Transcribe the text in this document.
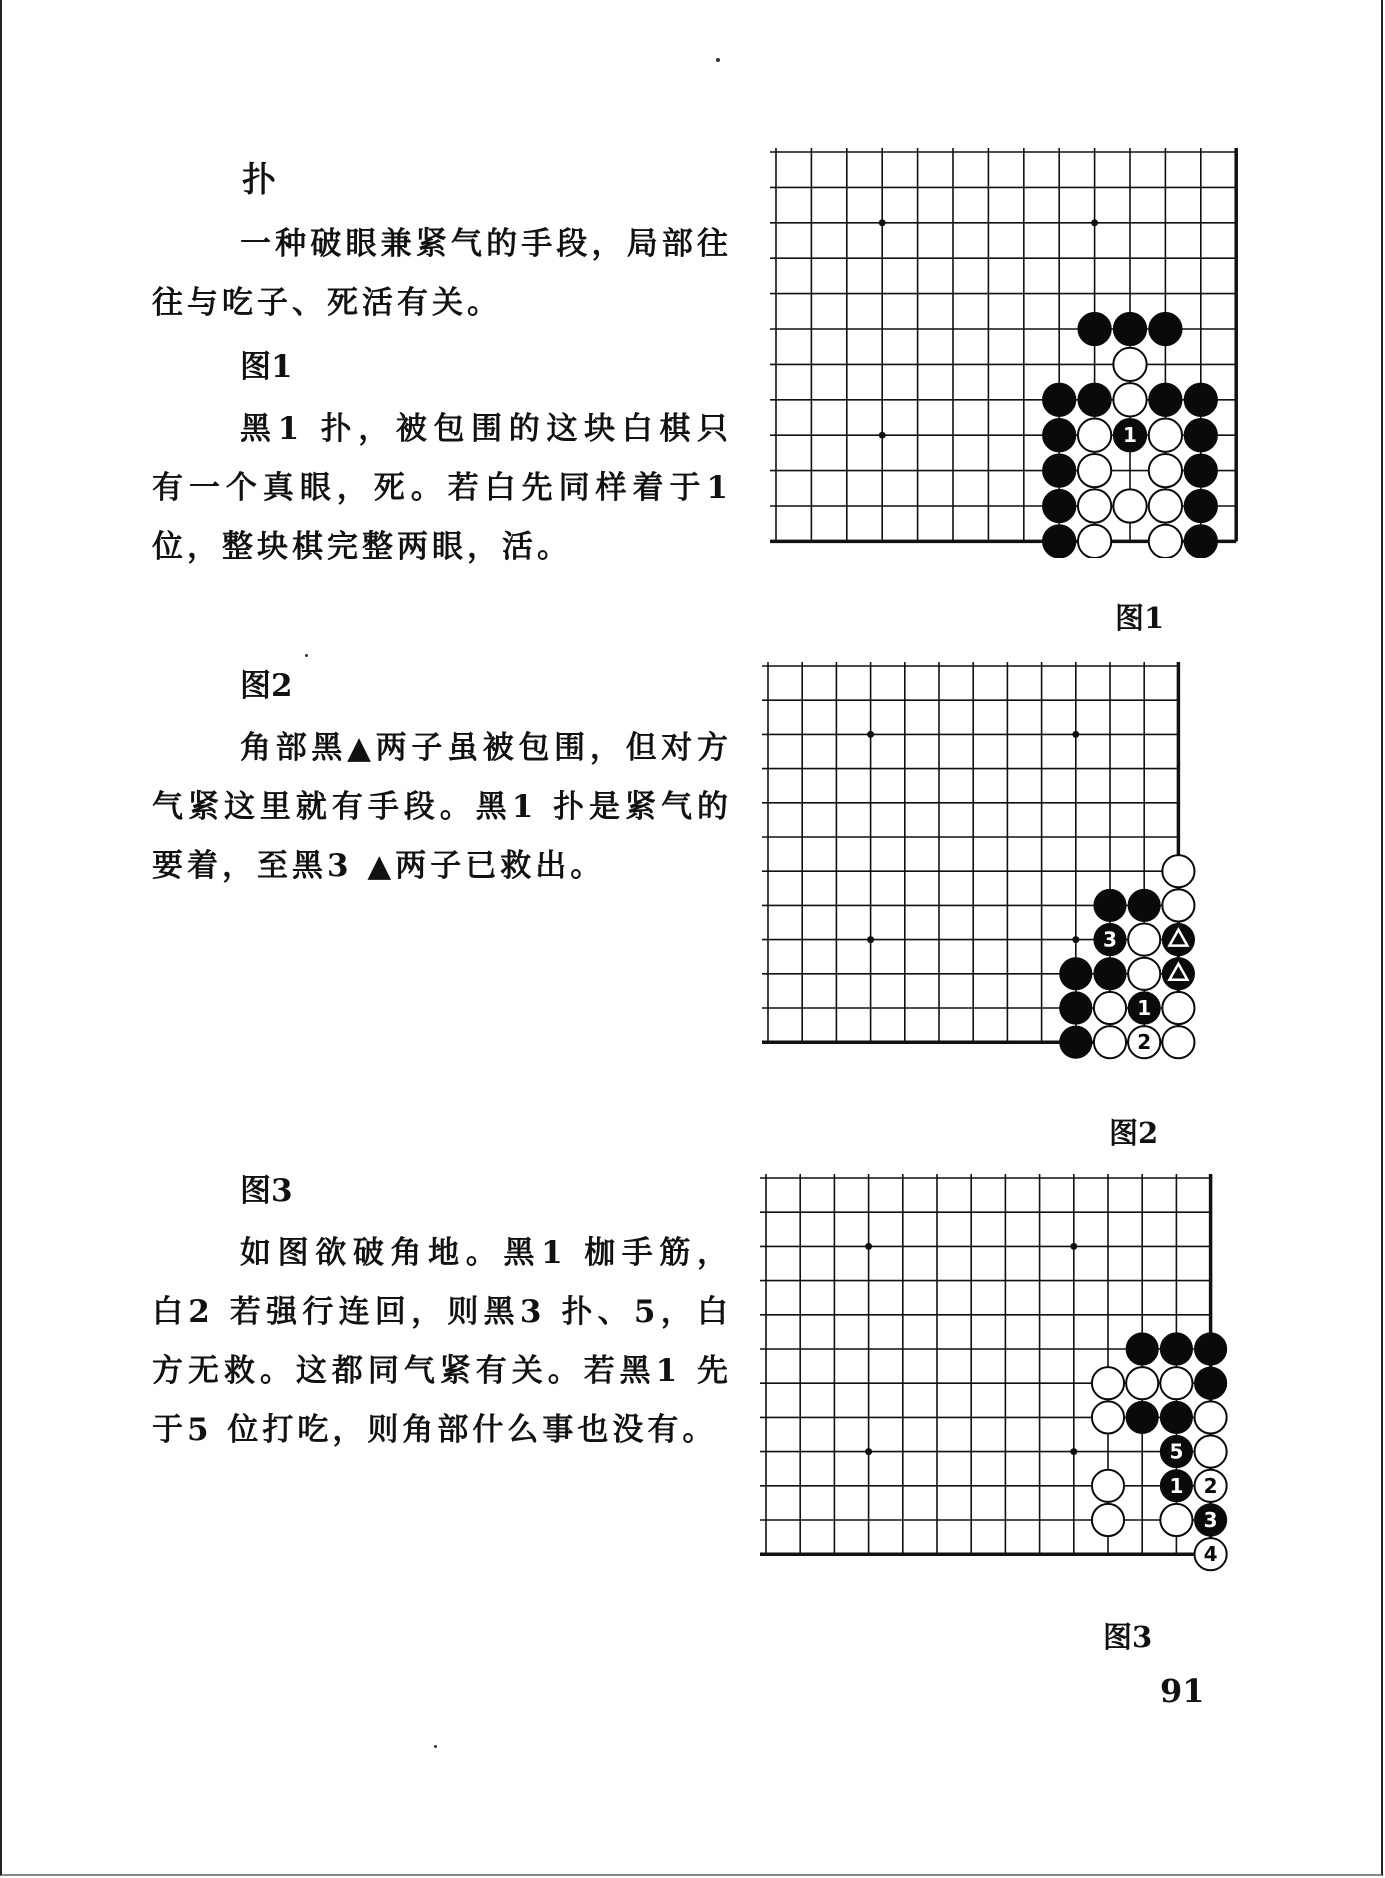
扑

一种破眼兼紧气的手段，局部往往与吃子、死活有关。

图1

黑1 扑，被包围的这块白棋只有一个真眼，死。若白先同样着于1 位，整块棋完整两眼，活。

图2

角部黑▲两子虽被包围，但对方气紧这里就有手段。黑1 扑是紧气的要着，至黑3 ▲两子已救出。

图3

如图欲破角地。黑1 枷手筋，白2 若强行连回，则黑3 扑、5，白方无救。这都同气紧有关。若黑1 先于5 位打吃，则角部什么事也没有。

1
图1
3
1
2
图2
5
1 2
3
4
图3
91
